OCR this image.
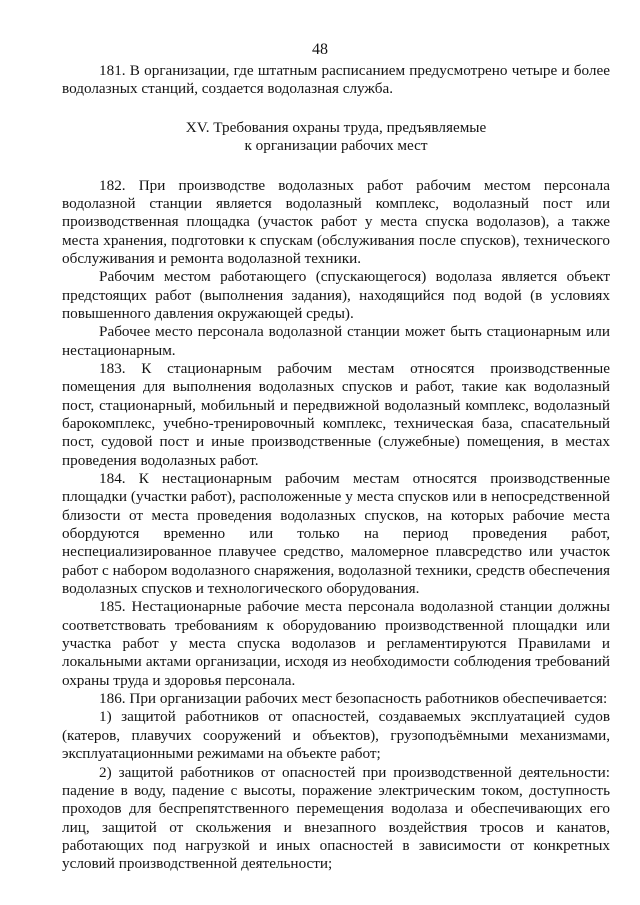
48

181. В организации, где штатным расписанием предусмотрено четыре и более водолазных станций, создается водолазная служба.

XV. Требования охраны труда, предъявляемые
к организации рабочих мест

182. При производстве водолазных работ рабочим местом персонала водолазной станции является водолазный комплекс, водолазный пост или производственная площадка (участок работ у места спуска водолазов), а также места хранения, подготовки к спускам (обслуживания после спусков), технического обслуживания и ремонта водолазной техники.

Рабочим местом работающего (спускающегося) водолаза является объект предстоящих работ (выполнения задания), находящийся под водой (в условиях повышенного давления окружающей среды).

Рабочее место персонала водолазной станции может быть стационарным или нестационарным.

183. К стационарным рабочим местам относятся производственные помещения для выполнения водолазных спусков и работ, такие как водолазный пост, стационарный, мобильный и передвижной водолазный комплекс, водолазный барокомплекс, учебно-тренировочный комплекс, техническая база, спасательный пост, судовой пост и иные производственные (служебные) помещения, в местах проведения водолазных работ.

184. К нестационарным рабочим местам относятся производственные площадки (участки работ), расположенные у места спусков или в непосредственной близости от места проведения водолазных спусков, на которых рабочие места обордуются временно или только на период проведения работ, неспециализированное плавучее средство, маломерное плавсредство или участок работ с набором водолазного снаряжения, водолазной техники, средств обеспечения водолазных спусков и технологического оборудования.

185. Нестационарные рабочие места персонала водолазной станции должны соответствовать требованиям к оборудованию производственной площадки или участка работ у места спуска водолазов и регламентируются Правилами и локальными актами организации, исходя из необходимости соблюдения требований охраны труда и здоровья персонала.

186. При организации рабочих мест безопасность работников обеспечивается:

1) защитой работников от опасностей, создаваемых эксплуатацией судов (катеров, плавучих сооружений и объектов), грузоподъёмными механизмами, эксплуатационными режимами на объекте работ;

2) защитой работников от опасностей при производственной деятельности: падение в воду, падение с высоты, поражение электрическим током, доступность проходов для беспрепятственного перемещения водолаза и обеспечивающих его лиц, защитой от скольжения и внезапного воздействия тросов и канатов, работающих под нагрузкой и иных опасностей в зависимости от конкретных условий производственной деятельности;
